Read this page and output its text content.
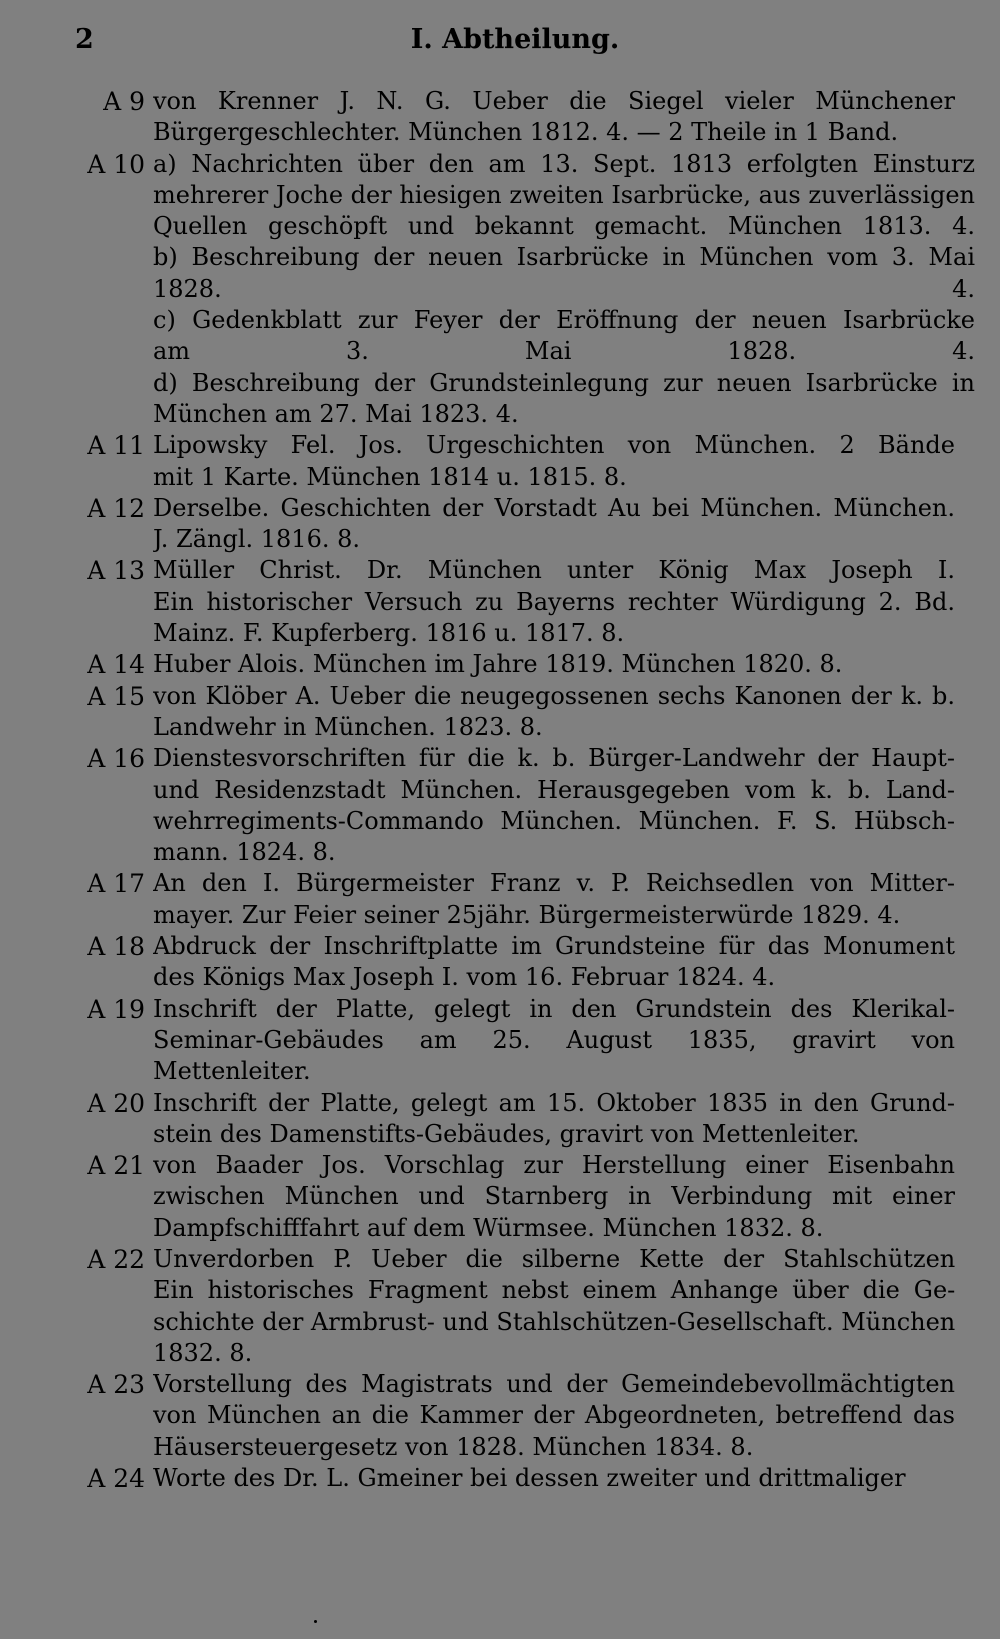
2	I. Abtheilung.
A 9 von Krenner J. N. G. Ueber die Siegel vieler Münchener
Bürgergeschlechter. München 1812. 4. — 2 Theile in 1 Band.
A 10 a) Nachrichten über den am 13. Sept. 1813 erfolgten Einsturz
mehrerer Joche der hiesigen zweiten Isarbrücke, aus zuverlässigen
Quellen geschöpft und bekannt gemacht. München 1813. 4.
b) Beschreibung der neuen Isarbrücke in München vom 3. Mai
1828. 4.
c) Gedenkblatt zur Feyer der Eröffnung der neuen Isarbrücke
am 3. Mai 1828. 4.
d) Beschreibung der Grundsteinlegung zur neuen Isarbrücke in
München am 27. Mai 1823. 4.
A 11 Lipowsky Fel. Jos. Urgeschichten von München. 2 Bände
mit 1 Karte. München 1814 u. 1815. 8.
A 12 Derselbe. Geschichten der Vorstadt Au bei München. München.
J. Zängl. 1816. 8.
A 13 Müller Christ. Dr. München unter König Max Joseph I.
Ein historischer Versuch zu Bayerns rechter Würdigung 2. Bd.
Mainz. F. Kupferberg. 1816 u. 1817. 8.
A 14 Huber Alois. München im Jahre 1819. München 1820. 8.
A 15 von Klöber A. Ueber die neugegossenen sechs Kanonen der k. b.
Landwehr in München. 1823. 8.
A 16 Dienstesvorschriften für die k. b. Bürger-Landwehr der Haupt-
und Residenzstadt München. Herausgegeben vom k. b. Land-
wehrregiments-Commando München. München. F. S. Hübsch-
mann. 1824. 8.
A 17 An den I. Bürgermeister Franz v. P. Reichsedlen von Mitter-
mayer. Zur Feier seiner 25jähr. Bürgermeisterwürde 1829. 4.
A 18 Abdruck der Inschriftplatte im Grundsteine für das Monument
des Königs Max Joseph I. vom 16. Februar 1824. 4.
A 19 Inschrift der Platte, gelegt in den Grundstein des Klerikal-
Seminar-Gebäudes am 25. August 1835, gravirt von
Mettenleiter.
A 20 Inschrift der Platte, gelegt am 15. Oktober 1835 in den Grund-
stein des Damenstifts-Gebäudes, gravirt von Mettenleiter.
A 21 von Baader Jos. Vorschlag zur Herstellung einer Eisenbahn
zwischen München und Starnberg in Verbindung mit einer
Dampfschifffahrt auf dem Würmsee. München 1832. 8.
A 22 Unverdorben P. Ueber die silberne Kette der Stahlschützen
Ein historisches Fragment nebst einem Anhange über die Ge-
schichte der Armbrust- und Stahlschützen-Gesellschaft. München
1832. 8.
A 23 Vorstellung des Magistrats und der Gemeindebevollmächtigten
von München an die Kammer der Abgeordneten, betreffend das
Häusersteuergesetz von 1828. München 1834. 8.
A 24 Worte des Dr. L. Gmeiner bei dessen zweiter und drittmaliger
